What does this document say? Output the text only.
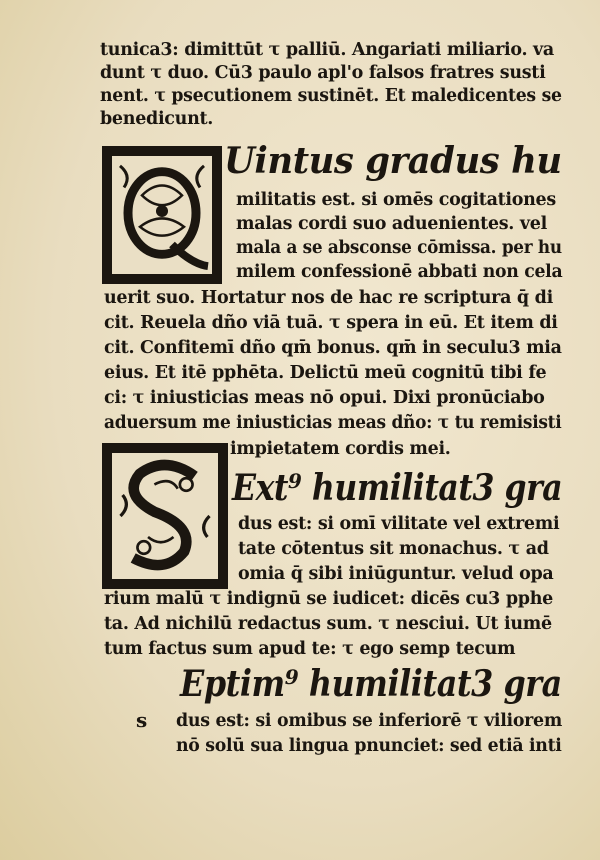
tunica3: dimittūt τ palliū. Angariati miliario. va
dunt τ duo. Cū3 paulo apl'o falsos fratres susti
nent. τ psecutionem sustinēt. Et maledicentes se
benedicunt.
Uintus gradus hu
militatis est. si omēs cogitationes
malas cordi suo aduenientes. vel
mala a se absconse cōmissa. per hu
milem confessionē abbati non cela
uerit suo. Hortatur nos de hac re scriptura q̄ di
cit. Reuela dño viā tuā. τ spera in eū. Et item di
cit. Confitemī dño qm̄ bonus. qm̄ in seculu3 mia
eius. Et itē pphēta. Delictū meū cognitū tibi fe
ci: τ iniusticias meas nō opui. Dixi pronūciabo
aduersum me iniusticias meas dño: τ tu remisisti
impietatem cordis mei.
Ext⁹ humilitat3 gra
dus est: si omī vilitate vel extremi
tate cōtentus sit monachus. τ ad
omia q̄ sibi iniūguntur. velud opa
rium malū τ indignū se iudicet: dicēs cu3 pphe
ta. Ad nichilū redactus sum. τ nesciui. Ut iumē
tum factus sum apud te: τ ego semp tecum
Eptim⁹ humilitat3 gra
s dus est: si omibus se inferiorē τ viliorem
nō solū sua lingua pnunciet: sed etiā inti
